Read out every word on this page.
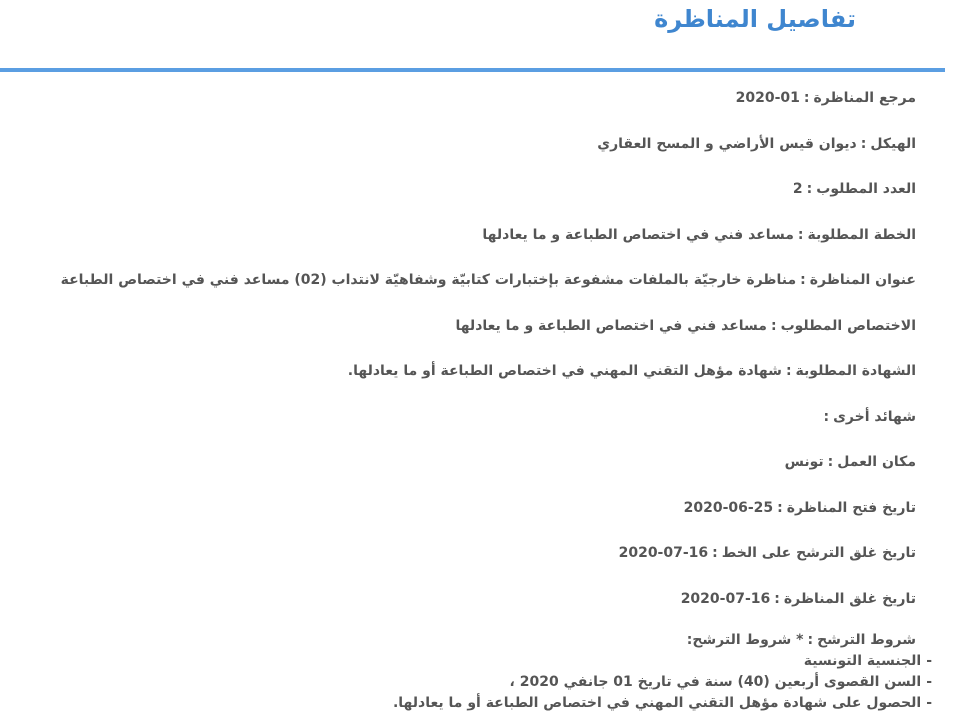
تفاصيل المناظرة
مرجع المناظرة
:
2020-01
الهيكل
:
ديوان قيس الأراضي و المسح العقاري
العدد المطلوب
:
2
الخطة المطلوبة
:
مساعد فني في اختصاص الطباعة و ما يعادلها
عنوان المناظرة
:
مناظرة خارجيّة بالملفات مشفوعة بإختبارات كتابيّة وشفاهيّة لانتداب (02) مساعد فني في اختصاص الطباعة
الاختصاص المطلوب
:
مساعد فني في اختصاص الطباعة و ما يعادلها
الشهادة المطلوبة
:
شهادة مؤهل التقني المهني في اختصاص الطباعة أو ما يعادلها.
شهائد أخرى
:
مكان العمل
:
تونس
تاريخ فتح المناظرة
:
2020-06-25
تاريخ غلق الترشح على الخط
:
2020-07-16
تاريخ غلق المناظرة
:
2020-07-16
شروط الترشح
:
* شروط الترشح:
-الجنسية التونسية
-السن القصوى أربعين (40) سنة في تاريخ 01 جانفي 2020 ،
-الحصول على شهادة مؤهل التقني المهني في اختصاص الطباعة أو ما يعادلها.
